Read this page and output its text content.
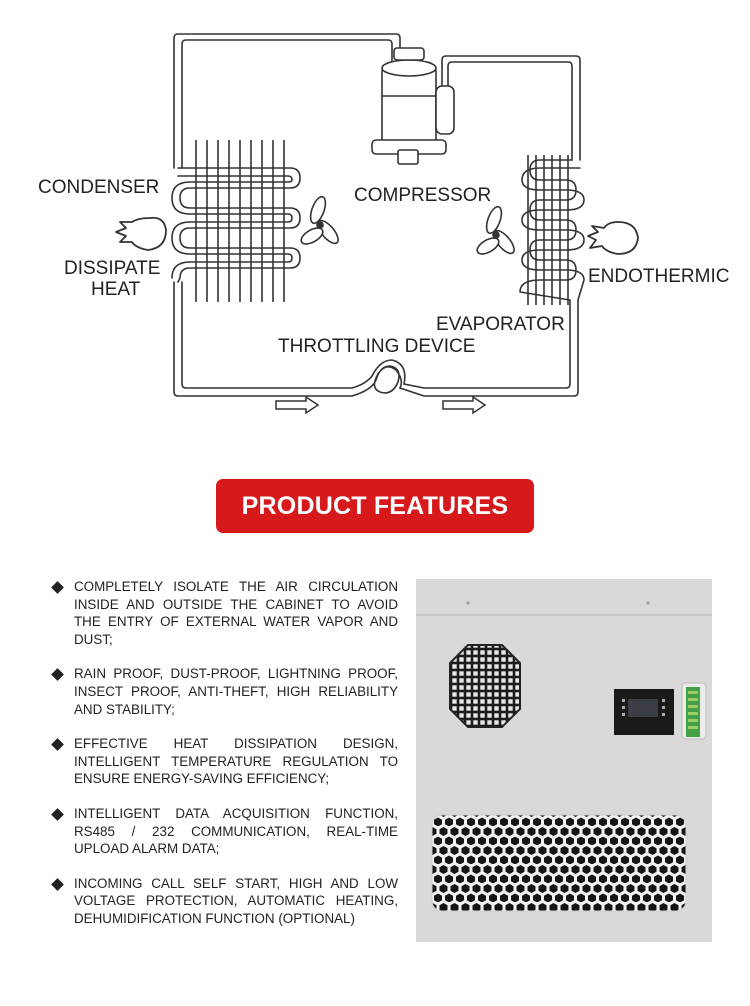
CONDENSER	COMPRESSOR
DISSIPATE
HEAT
ENDOTHERMIC
EVAPORATOR
THROTTLING DEVICE
PRODUCT FEATURES
COMPLETELY ISOLATE THE AIR CIRCULATION INSIDE AND OUTSIDE THE CABINET TO AVOID THE ENTRY OF EXTERNAL WATER VAPOR AND DUST;
RAIN PROOF, DUST-PROOF, LIGHTNING PROOF, INSECT PROOF, ANTI-THEFT, HIGH RELIABILITY AND STABILITY;
EFFECTIVE HEAT DISSIPATION DESIGN, INTELLIGENT TEMPERATURE REGULATION TO ENSURE ENERGY-SAVING EFFICIENCY;
INTELLIGENT DATA ACQUISITION FUNCTION, RS485 / 232 COMMUNICATION, REAL-TIME UPLOAD ALARM DATA;
INCOMING CALL SELF START, HIGH AND LOW VOLTAGE PROTECTION, AUTOMATIC HEATING, DEHUMIDIFICATION FUNCTION (OPTIONAL)
